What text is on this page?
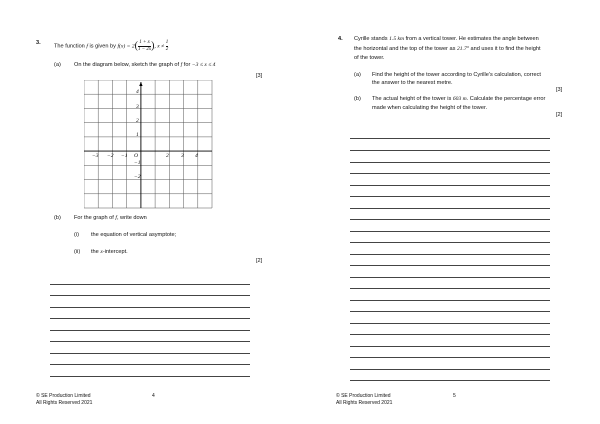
3.
The function f is given by $f(x) = 2( \frac{1 + x}{1 - 2x}$ ), $x \ne \frac{1}{2}$
(a) On the diagram below, sketch the graph of f for −3 ≤ x ≤ 4
[3]
−3 −2 −1 O	2 3 4
4
3
2
1
−1
−2
(b) For the graph of f, write down
(i) the equation of vertical asymptote;
(ii) the x-intercept.
[2]
© SE Production Limited
All Rights Reserved 2021
4
4. Cyrille stands 1.5 km from a vertical tower. He estimates the angle between
the horizontal and the top of the tower as 21.7° and uses it to find the height
of the tower.
(a) Find the height of the tower according to Cyrille's calculation, correct
the answer to the nearest metre.
[3]
(b) The actual height of the tower is 603 m. Calculate the percentage error
made when calculating the height of the tower.
[2]
© SE Production Limited
All Rights Reserved 2021
5
